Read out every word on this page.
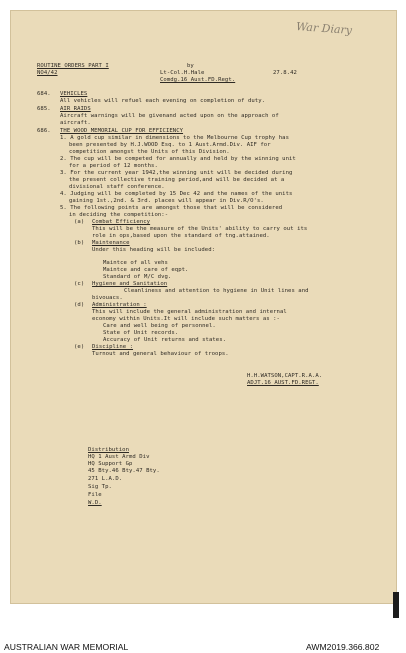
War Diary
ROUTINE ORDERS PART I
NO4/42
by
Lt-Col.H.Hale
Comdg.16 Aust.FD.Regt.
27.8.42
684. VEHICLES
All vehicles will refuel each evening on completion of duty.
685. AIR RAIDS
Aircraft warnings will be givenand acted upon on the approach of
aircraft.
686. THE WOOD MEMORIAL CUP FOR EFFICIENCY
1. A gold cup similar in dimensions to the Melbourne Cup trophy has
been presented by H.J.WOOD Esq. to 1 Aust.Armd.Div. AIF for
competition amongst the Units of this Division.
2. The cup will be competed for annually and held by the winning unit
for a period of 12 months.
3. For the current year 1942,the winning unit will be decided during
the present collective training period,and will be decided at a
divisional staff conference.
4. Judging will be completed by 15 Dec 42 and the names of the units
gaining 1st.,2nd. & 3rd. places will appear in Div.R/O's.
5. The following points are amongst those that will be considered
in deciding the competition:-
(a) Combat Efficiency
This will be the measure of the Units' ability to carry out its
role in ops,based upon the standard of tng.attained.
(b) Maintenance
Under this heading will be included:
Maintce of all vehs
Maintce and care of eqpt.
Standard of M/C dvg.
(c) Hygiene and Sanitation
Cleanliness and attention to hygiene in Unit lines and
bivouacs.
(d) Administration :
This will include the general administration and internal
economy within Units.It will include such matters as :-
Care and well being of personnel.
State of Unit records.
Accuracy of Unit returns and states.
(e) Discipline :
Turnout and general behaviour of troops.
H.H.WATSON,CAPT.R.A.A.
ADJT.16 AUST.FD.REGT.
Distribution
HQ 1 Aust Armd Div
HQ Support Gp
45 Bty.46 Bty.47 Bty.
271 L.A.D.
Sig Tp.
File
W.D.
AUSTRALIAN WAR MEMORIAL	AWM2019.366.802
